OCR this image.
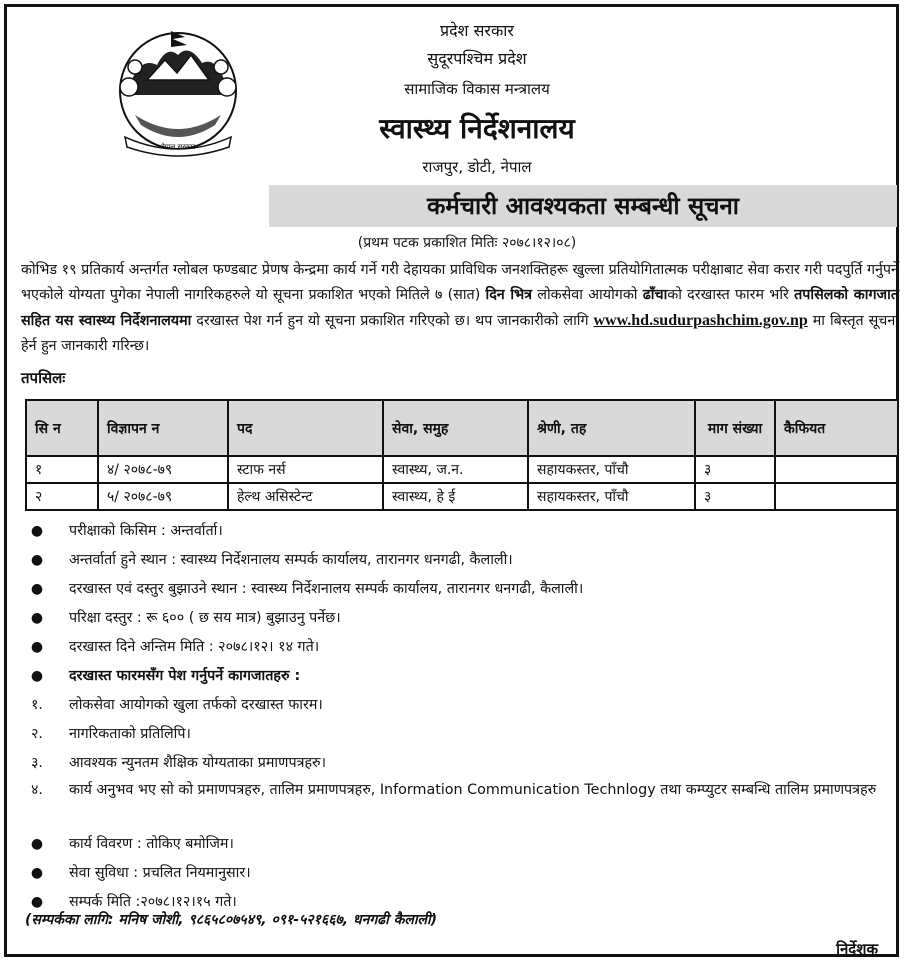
नेपाल सरकार
प्रदेश सरकार
सुदूरपश्चिम प्रदेश
सामाजिक विकास मन्त्रालय
स्वास्थ्य निर्देशनालय
राजपुर, डोटी, नेपाल
कर्मचारी आवश्यकता सम्बन्धी सूचना
(प्रथम पटक प्रकाशित मितिः २०७८।१२।०८)
कोभिड १९ प्रतिकार्य अन्तर्गत ग्लोबल फण्डबाट प्रेणष केन्द्रमा कार्य गर्ने गरी देहायका प्राविधिक जनशक्तिहरू खुल्ला प्रतियोगितात्मक परीक्षाबाट सेवा करार गरी पदपुर्ति गर्नुपर्ने भएकोले योग्यता पुगेका नेपाली नागरिकहरुले यो सूचना प्रकाशित भएको मितिले ७ (सात) दिन भित्र लोकसेवा आयोगको ढाँचाको दरखास्त फारम भरि तपसिलको कागजात सहित यस स्वास्थ्य निर्देशनालयमा दरखास्त पेश गर्न हुन यो सूचना प्रकाशित गरिएको छ। थप जानकारीको लागि www.hd.sudurpashchim.gov.np मा बिस्तृत सूचना हेर्न हुन जानकारी गरिन्छ।
तपसिलः
सि न	विज्ञापन न	पद	सेवा, समुह	श्रेणी, तह	माग संख्या	कैफियत
१	४/ २०७८-७९	स्टाफ नर्स	स्वास्थ्य, ज.न.	सहायकस्तर, पाँचौ	३	
२	५/ २०७८-७९	हेल्थ असिस्टेन्ट	स्वास्थ्य, हे ई	सहायकस्तर, पाँचौ	३	
● परीक्षाको किसिम : अन्तर्वार्ता।
● अन्तर्वार्ता हुने स्थान : स्वास्थ्य निर्देशनालय सम्पर्क कार्यालय, तारानगर धनगढी, कैलाली।
● दरखास्त एवं दस्तुर बुझाउने स्थान : स्वास्थ्य निर्देशनालय सम्पर्क कार्यालय, तारानगर धनगढी, कैलाली।
● परिक्षा दस्तुर : रू ६०० ( छ सय मात्र) बुझाउनु पर्नेछ।
● दरखास्त दिने अन्तिम मिति : २०७८।१२। १४ गते।
● दरखास्त फारमसँग पेश गर्नुपर्ने कागजातहरु :
१. लोकसेवा आयोगको खुला तर्फको दरखास्त फारम।
२. नागरिकताको प्रतिलिपि।
३. आवश्यक न्युनतम शैक्षिक योग्यताका प्रमाणपत्रहरु।
४. कार्य अनुभव भए सो को प्रमाणपत्रहरु, तालिम प्रमाणपत्रहरु, Information Communication Technlogy तथा कम्प्युटर सम्बन्धि तालिम प्रमाणपत्रहरु
● कार्य विवरण : तोकिए बमोजिम।
● सेवा सुविधा : प्रचलित नियमानुसार।
● सम्पर्क मिति :२०७८।१२।१५ गते।
(सम्पर्कका लागि: मनिष जोशी, ९८६५८०७५४९, ०९१-५२१६६७, धनगढी कैलाली)
निर्देशक
